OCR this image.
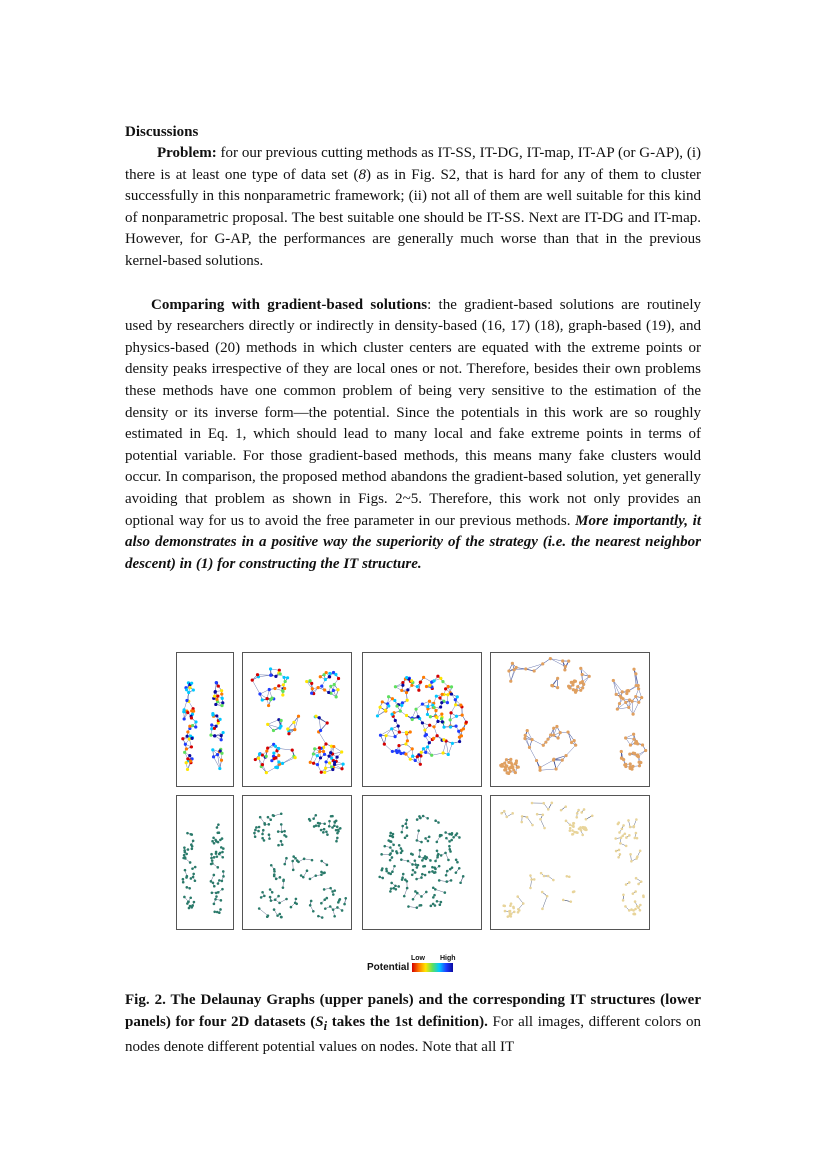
Discussions

Problem: for our previous cutting methods as IT-SS, IT-DG, IT-map, IT-AP (or G-AP), (i) there is at least one type of data set (8) as in Fig. S2, that is hard for any of them to cluster successfully in this nonparametric framework; (ii) not all of them are well suitable for this kind of nonparametric proposal. The best suitable one should be IT-SS. Next are IT-DG and IT-map. However, for G-AP, the performances are generally much worse than that in the previous kernel-based solutions.

Comparing with gradient-based solutions: the gradient-based solutions are routinely used by researchers directly or indirectly in density-based (16, 17) (18), graph-based (19), and physics-based (20) methods in which cluster centers are equated with the extreme points or density peaks irrespective of they are local ones or not. Therefore, besides their own problems these methods have one common problem of being very sensitive to the estimation of the density or its inverse form—the potential. Since the potentials in this work are so roughly estimated in Eq. 1, which should lead to many local and fake extreme points in terms of potential variable. For those gradient-based methods, this means many fake clusters would occur. In comparison, the proposed method abandons the gradient-based solution, yet generally avoiding that problem as shown in Figs. 2~5. Therefore, this work not only provides an optional way for us to avoid the free parameter in our previous methods. More importantly, it also demonstrates in a positive way the superiority of the strategy (i.e. the nearest neighbor descent) in (1) for constructing the IT structure.

Potential
Low High

Fig. 2. The Delaunay Graphs (upper panels) and the corresponding IT structures (lower panels) for four 2D datasets ($S_i$ takes the 1st definition). For all images, different colors on nodes denote different potential values on nodes. Note that all IT
